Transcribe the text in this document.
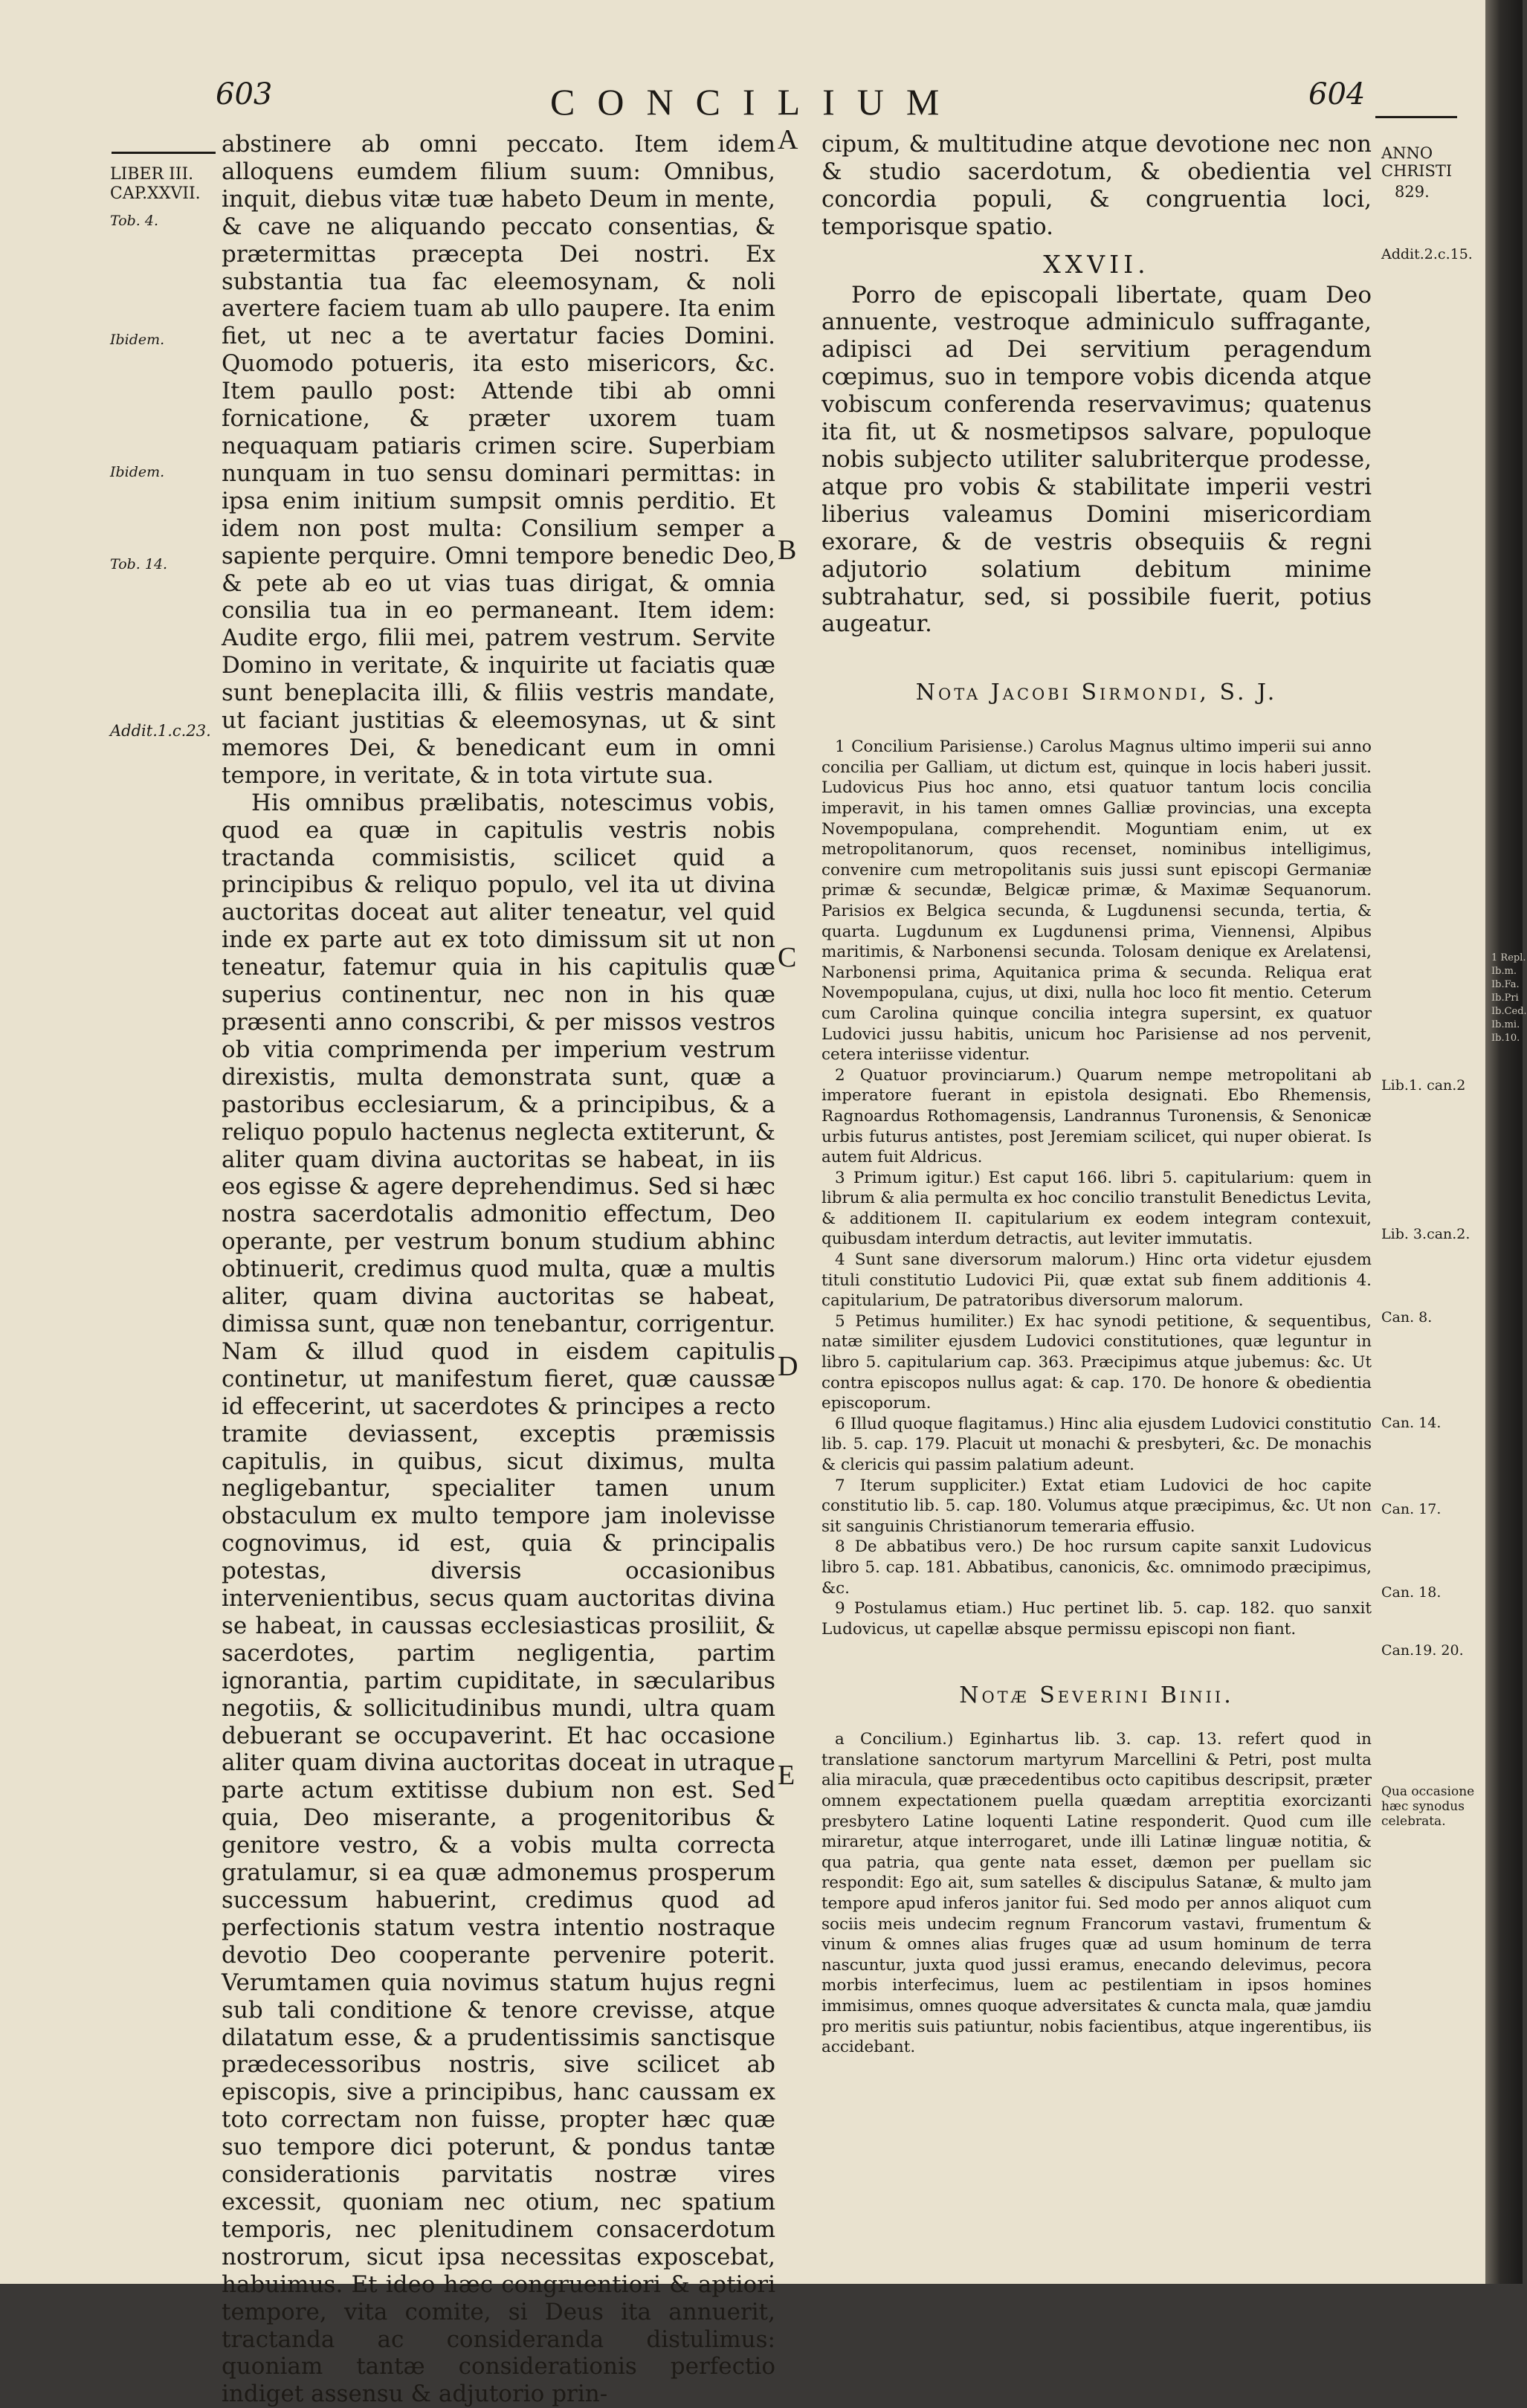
603	CONCILIUM	604
LIBER III.
CAP.XXVII.
Tob. 4.
Ibidem.
Ibidem.
Tob. 14.
Addit.1.c.23.
ANNO
CHRISTI
829.
Addit.2.c.15.
Lib.1. can.2
Lib. 3.can.2.
Can. 8.
Can. 14.
Can. 17.
Can. 18.
Can.19. 20.
Qua occasione hæc synodus celebrata.
A
B
C
D
E

abstinere ab omni peccato. Item idem alloquens eumdem filium suum: Omnibus, inquit, diebus vitæ tuæ habeto Deum in mente, & cave ne aliquando peccato consentias, & prætermittas præcepta Dei nostri. Ex substantia tua fac eleemosynam, & noli avertere faciem tuam ab ullo paupere. Ita enim fiet, ut nec a te avertatur facies Domini. Quomodo potueris, ita esto misericors, &c. Item paullo post: Attende tibi ab omni fornicatione, & præter uxorem tuam nequaquam patiaris crimen scire. Superbiam nunquam in tuo sensu dominari permittas: in ipsa enim initium sumpsit omnis perditio. Et idem non post multa: Consilium semper a sapiente perquire. Omni tempore benedic Deo, & pete ab eo ut vias tuas dirigat, & omnia consilia tua in eo permaneant. Item idem: Audite ergo, filii mei, patrem vestrum. Servite Domino in veritate, & inquirite ut faciatis quæ sunt beneplacita illi, & filiis vestris mandate, ut faciant justitias & eleemosynas, ut & sint memores Dei, & benedicant eum in omni tempore, in veritate, & in tota virtute sua.

His omnibus prælibatis, notescimus vobis, quod ea quæ in capitulis vestris nobis tractanda commisistis, scilicet quid a principibus & reliquo populo, vel ita ut divina auctoritas doceat aut aliter teneatur, vel quid inde ex parte aut ex toto dimissum sit ut non teneatur, fatemur quia in his capitulis quæ superius continentur, nec non in his quæ præsenti anno conscribi, & per missos vestros ob vitia comprimenda per imperium vestrum direxistis, multa demonstrata sunt, quæ a pastoribus ecclesiarum, & a principibus, & a reliquo populo hactenus neglecta extiterunt, & aliter quam divina auctoritas se habeat, in iis eos egisse & agere deprehendimus. Sed si hæc nostra sacerdotalis admonitio effectum, Deo operante, per vestrum bonum studium abhinc obtinuerit, credimus quod multa, quæ a multis aliter, quam divina auctoritas se habeat, dimissa sunt, quæ non tenebantur, corrigentur. Nam & illud quod in eisdem capitulis continetur, ut manifestum fieret, quæ caussæ id effecerint, ut sacerdotes & principes a recto tramite deviassent, exceptis præmissis capitulis, in quibus, sicut diximus, multa negligebantur, specialiter tamen unum obstaculum ex multo tempore jam inolevisse cognovimus, id est, quia & principalis potestas, diversis occasionibus intervenientibus, secus quam auctoritas divina se habeat, in caussas ecclesiasticas prosiliit, & sacerdotes, partim negligentia, partim ignorantia, partim cupiditate, in sæcularibus negotiis, & sollicitudinibus mundi, ultra quam debuerant se occupaverint. Et hac occasione aliter quam divina auctoritas doceat in utraque parte actum extitisse dubium non est. Sed quia, Deo miserante, a progenitoribus & genitore vestro, & a vobis multa correcta gratulamur, si ea quæ admonemus prosperum successum habuerint, credimus quod ad perfectionis statum vestra intentio nostraque devotio Deo cooperante pervenire poterit. Verumtamen quia novimus statum hujus regni sub tali conditione & tenore crevisse, atque dilatatum esse, & a prudentissimis sanctisque prædecessoribus nostris, sive scilicet ab episcopis, sive a principibus, hanc caussam ex toto correctam non fuisse, propter hæc quæ suo tempore dici poterunt, & pondus tantæ considerationis parvitatis nostræ vires excessit, quoniam nec otium, nec spatium temporis, nec plenitudinem consacerdotum nostrorum, sicut ipsa necessitas exposcebat, habuimus. Et ideo hæc congruentiori & aptiori tempore, vita comite, si Deus ita annuerit, tractanda ac consideranda distulimus: quoniam tantæ considerationis perfectio indiget assensu & adjutorio prin-

cipum, & multitudine atque devotione nec non & studio sacerdotum, & obedientia vel concordia populi, & congruentia loci, temporisque spatio.

XXVII.

Porro de episcopali libertate, quam Deo annuente, vestroque adminiculo suffragante, adipisci ad Dei servitium peragendum cœpimus, suo in tempore vobis dicenda atque vobiscum conferenda reservavimus; quatenus ita fit, ut & nosmetipsos salvare, populoque nobis subjecto utiliter salubriterque prodesse, atque pro vobis & stabilitate imperii vestri liberius valeamus Domini misericordiam exorare, & de vestris obsequiis & regni adjutorio solatium debitum minime subtrahatur, sed, si possibile fuerit, potius augeatur.

Nota Jacobi Sirmondi, S. J.

1 Concilium Parisiense.) Carolus Magnus ultimo imperii sui anno concilia per Galliam, ut dictum est, quinque in locis haberi jussit. Ludovicus Pius hoc anno, etsi quatuor tantum locis concilia imperavit, in his tamen omnes Galliæ provincias, una excepta Novempopulana, comprehendit. Moguntiam enim, ut ex metropolitanorum, quos recenset, nominibus intelligimus, convenire cum metropolitanis suis jussi sunt episcopi Germaniæ primæ & secundæ, Belgicæ primæ, & Maximæ Sequanorum. Parisios ex Belgica secunda, & Lugdunensi secunda, tertia, & quarta. Lugdunum ex Lugdunensi prima, Viennensi, Alpibus maritimis, & Narbonensi secunda. Tolosam denique ex Arelatensi, Narbonensi prima, Aquitanica prima & secunda. Reliqua erat Novempopulana, cujus, ut dixi, nulla hoc loco fit mentio. Ceterum cum Carolina quinque concilia integra supersint, ex quatuor Ludovici jussu habitis, unicum hoc Parisiense ad nos pervenit, cetera interiisse videntur.

2 Quatuor provinciarum.) Quarum nempe metropolitani ab imperatore fuerant in epistola designati. Ebo Rhemensis, Ragnoardus Rothomagensis, Landrannus Turonensis, & Senonicæ urbis futurus antistes, post Jeremiam scilicet, qui nuper obierat. Is autem fuit Aldricus.

3 Primum igitur.) Est caput 166. libri 5. capitularium: quem in librum & alia permulta ex hoc concilio transtulit Benedictus Levita, & additionem II. capitularium ex eodem integram contexuit, quibusdam interdum detractis, aut leviter immutatis.

4 Sunt sane diversorum malorum.) Hinc orta videtur ejusdem tituli constitutio Ludovici Pii, quæ extat sub finem additionis 4. capitularium, De patratoribus diversorum malorum.

5 Petimus humiliter.) Ex hac synodi petitione, & sequentibus, natæ similiter ejusdem Ludovici constitutiones, quæ leguntur in libro 5. capitularium cap. 363. Præcipimus atque jubemus: &c. Ut contra episcopos nullus agat: & cap. 170. De honore & obedientia episcoporum.

6 Illud quoque flagitamus.) Hinc alia ejusdem Ludovici constitutio lib. 5. cap. 179. Placuit ut monachi & presbyteri, &c. De monachis & clericis qui passim palatium adeunt.

7 Iterum suppliciter.) Extat etiam Ludovici de hoc capite constitutio lib. 5. cap. 180. Volumus atque præcipimus, &c. Ut non sit sanguinis Christianorum temeraria effusio.

8 De abbatibus vero.) De hoc rursum capite sanxit Ludovicus libro 5. cap. 181. Abbatibus, canonicis, &c. omnimodo præcipimus, &c.

9 Postulamus etiam.) Huc pertinet lib. 5. cap. 182. quo sanxit Ludovicus, ut capellæ absque permissu episcopi non fiant.

Notæ Severini Binii.

a Concilium.) Eginhartus lib. 3. cap. 13. refert quod in translatione sanctorum martyrum Marcellini & Petri, post multa alia miracula, quæ præcedentibus octo capitibus descripsit, præter omnem expectationem puella quædam arreptitia exorcizanti presbytero Latine loquenti Latine responderit. Quod cum ille miraretur, atque interrogaret, unde illi Latinæ linguæ notitia, & qua patria, qua gente nata esset, dæmon per puellam sic respondit: Ego ait, sum satelles & discipulus Satanæ, & multo jam tempore apud inferos janitor fui. Sed modo per annos aliquot cum sociis meis undecim regnum Francorum vastavi, frumentum & vinum & omnes alias fruges quæ ad usum hominum de terra nascuntur, juxta quod jussi eramus, enecando delevimus, pecora morbis interfecimus, luem ac pestilentiam in ipsos homines immisimus, omnes quoque adversitates & cuncta mala, quæ jamdiu pro meritis suis patiuntur, nobis facientibus, atque ingerentibus, iis accidebant.

1 Repl.
Ib.m.
Ib.Fa.
Ib.Pri
Ib.Ced.
Ib.mi.
Ib.10.
